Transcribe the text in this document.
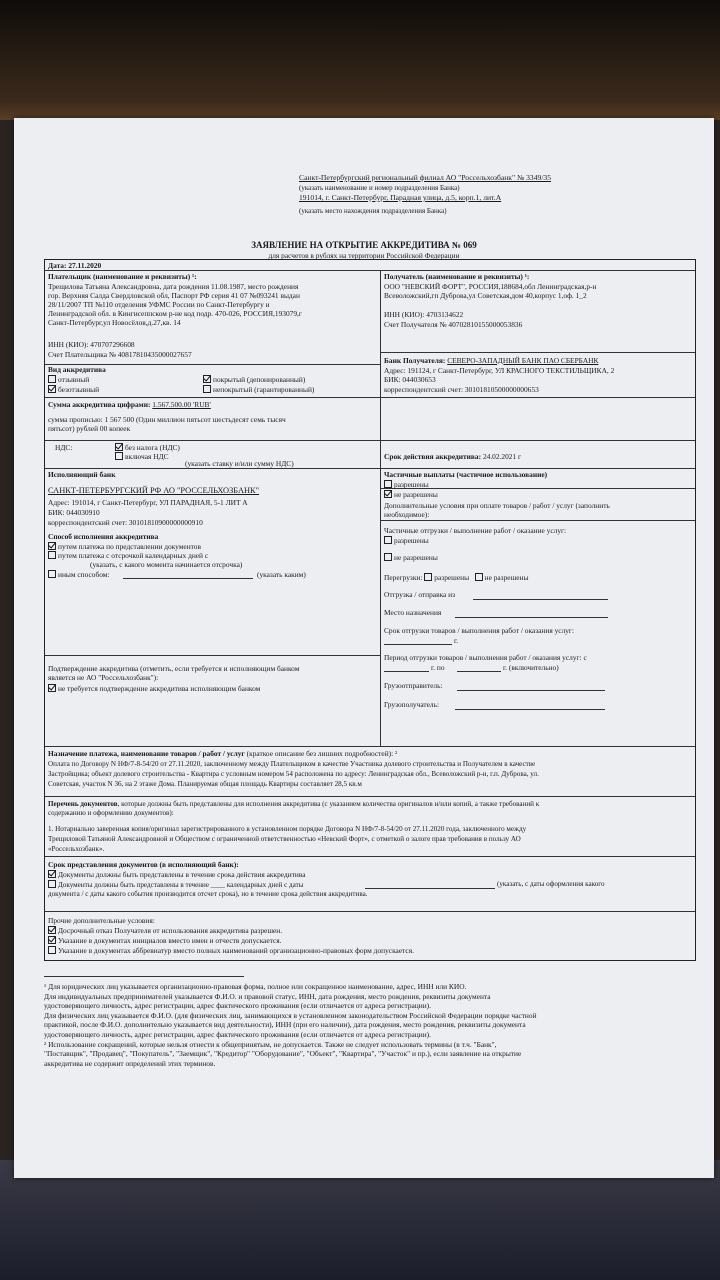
Санкт-Петербургский региональный филиал АО "Россельхозбанк" № 3349/35
(указать наименование и номер подразделения Банка)
191014, г. Санкт-Петербург, Парадная улица, д.5, корп.1, лит.А
(указать место нахождения подразделения Банка)
ЗАЯВЛЕНИЕ НА ОТКРЫТИЕ АККРЕДИТИВА № 069
для расчетов в рублях на территории Российской Федерации
Дата: 27.11.2020
Плательщик (наименование и реквизиты) ¹:
Трещилова Татьяна Александровна, дата рождения 11.08.1987, место рождения
гор. Верхняя Салда Свердловской обл, Паспорт РФ серия 41 07 №093241 выдан
28/11/2007 ТП №110 отделения УФМС России по Санкт-Петербургу и
Ленинградской обл. в Кингисеппском р-не код подр. 470-026, РОССИЯ,193079,г
Санкт-Петербург,ул Новосёлов,д.27,кв. 14
ИНН (КИО): 470707296608
Счет Плательщика № 40817810435000027657
Получатель (наименование и реквизиты) ¹:
ООО "НЕВСКИЙ ФОРТ", РОССИЯ,188684,обл Ленинградская,р-н
Всеволожский,гп Дуброва,ул Советская,дом 40,корпус 1,оф. 1_2
ИНН (КИО): 4703134622
Счет Получателя № 40702810155000053836
Вид аккредитива
отзывный
безотзывный
покрытый (депонированный)
непокрытый (гарантированный)
Банк Получателя: СЕВЕРО-ЗАПАДНЫЙ БАНК ПАО СБЕРБАНК
Адрес: 191124, г Санкт-Петербург, УЛ КРАСНОГО ТЕКСТИЛЬЩИКА, 2
БИК: 044030653
корреспондентский счет: 30101810500000000653
Сумма аккредитива цифрами: 1.567.500.00 'RUB'
сумма прописью: 1 567 500 (Один миллион пятьсот шестьдесят семь тысяч
пятьсот) рублей 00 копеек
НДС:	без налога (НДС)
включая НДС
(указать ставку и/или сумму НДС)
Срок действия аккредитива: 24.02.2021 г
Исполняющий банк
САНКТ-ПЕТЕРБУРГСКИЙ РФ АО "РОССЕЛЬХОЗБАНК"
Адрес: 191014, г Санкт-Петербург, УЛ ПАРАДНАЯ, 5-1 ЛИТ А
БИК: 044030910
корреспондентский счет: 30101810900000000910
Частичные выплаты (частичное использование)
разрешены
не разрешены
Дополнительные условия при оплате товаров / работ / услуг (заполнить
необходимое):
Частичные отгрузки / выполнение работ / оказание услуг:
разрешены
не разрешены
Перегрузки: разрешены не разрешены
Отгрузка / отправка из
Место назначения
Срок отгрузки товаров / выполнения работ / оказания услуг:
г.
Период отгрузки товаров / выполнения работ / оказания услуг: с
г. по	г. (включительно)
Грузоотправитель:
Грузополучатель:
Способ исполнения аккредитива
путем платежа по представлении документов
путем платежа с отсрочкой календарных дней с
(указать, с какого момента начинается отсрочка)
иным способом:	(указать каким)
Подтверждение аккредитива (отметить, если требуется и исполняющим банком
является не АО "Россельхозбанк"):
не требуется подтверждение аккредитива исполняющим банком
Назначение платежа, наименование товаров / работ / услуг (краткое описание без лишних подробностей): ²
Оплата по Договору N НФ/7-8-54/20 от 27.11.2020, заключенному между Плательщиком в качестве Участника долевого строительства и Получателем в качестве
Застройщика; объект долевого строительства - Квартира с условным номером 54 расположена по адресу: Ленинградская обл., Всеволожский р-н, г.п. Дуброва, ул.
Советская, участок N 36, на 2 этаже Дома. Планируемая общая площадь Квартиры составляет 28,5 кв.м
Перечень документов, которые должны быть представлены для исполнения аккредитива (с указанием количества оригиналов и/или копий, а также требований к
содержанию и оформлению документов):
1. Нотариально заверенная копия/оригинал зарегистрированного в установленном порядке Договора N НФ/7-8-54/20 от 27.11.2020 года, заключенного между
Трещиловой Татьяной Александровной и Обществом с ограниченной ответственностью «Невский Форт», с отметкой о залоге прав требования в пользу АО
«Россельхозбанк».
Срок представления документов (в исполняющий банк):
Документы должны быть представлены в течение срока действия аккредитива
Документы должны быть представлены в течение ____ календарных дней с даты	(указать, с даты оформления какого
документа / с даты какого события производится отсчет срока), но в течение срока действия аккредитива.
Прочие дополнительные условия:
Досрочный отказ Получателя от использования аккредитива разрешен.
Указание в документах инициалов вместо имен и отчеств допускается.
Указание в документах аббревиатур вместо полных наименований организационно-правовых форм допускается.
¹ Для юридических лиц указывается организационно-правовая форма, полное или сокращенное наименование, адрес, ИНН или КИО.
Для индивидуальных предпринимателей указывается Ф.И.О. и правовой статус, ИНН, дата рождения, место рождения, реквизиты документа
удостоверяющего личность, адрес регистрации, адрес фактического проживания (если отличается от адреса регистрации).
Для физических лиц указывается Ф.И.О. (для физических лиц, занимающихся в установленном законодательством Российской Федерации порядке частной
практикой, после Ф.И.О. дополнительно указывается вид деятельности), ИНН (при его наличии), дата рождения, место рождения, реквизиты документа
удостоверяющего личность, адрес регистрации, адрес фактического проживания (если отличается от адреса регистрации).
² Использование сокращений, которые нельзя отнести к общепринятым, не допускается. Также не следует использовать термины (в т.ч. "Банк",
"Поставщик", "Продавец", "Покупатель", "Заемщик", "Кредитор" "Оборудование", "Объект", "Квартира", "Участок" и пр.), если заявление на открытие
аккредитива не содержит определений этих терминов.
